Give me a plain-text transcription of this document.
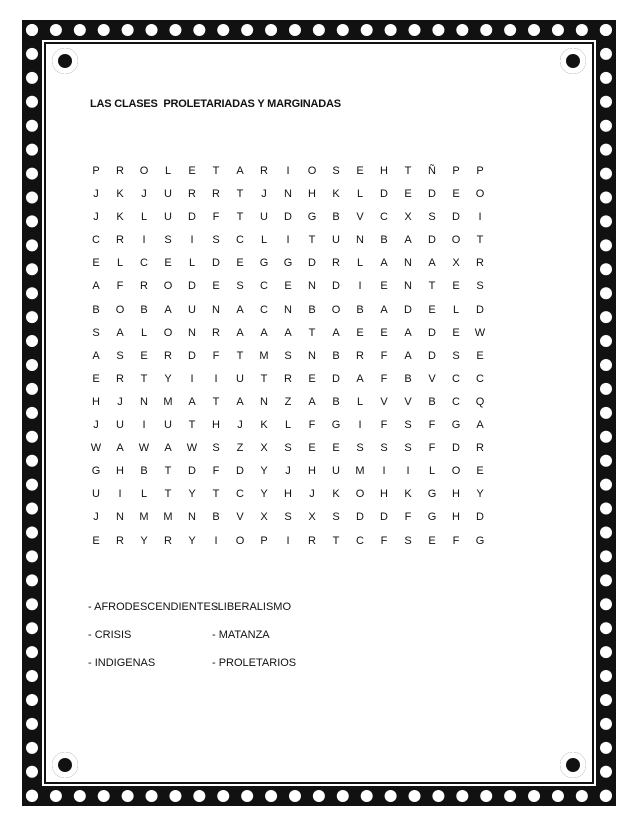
LAS CLASES  PROLETARIADAS Y MARGINADAS
P	R	O	L	E	T	A	R	I	O	S	E	H	T	Ñ	P	P
J	K	J	U	R	R	T	J	N	H	K	L	D	E	D	E	O
J	K	L	U	D	F	T	U	D	G	B	V	C	X	S	D	I
C	R	I	S	I	S	C	L	I	T	U	N	B	A	D	O	T
E	L	C	E	L	D	E	G	G	D	R	L	A	N	A	X	R
A	F	R	O	D	E	S	C	E	N	D	I	E	N	T	E	S
B	O	B	A	U	N	A	C	N	B	O	B	A	D	E	L	D
S	A	L	O	N	R	A	A	A	T	A	E	E	A	D	E	W
A	S	E	R	D	F	T	M	S	N	B	R	F	A	D	S	E
E	R	T	Y	I	I	U	T	R	E	D	A	F	B	V	C	C
H	J	N	M	A	T	A	N	Z	A	B	L	V	V	B	C	Q
J	U	I	U	T	H	J	K	L	F	G	I	F	S	F	G	A
W	A	W	A	W	S	Z	X	S	E	E	S	S	S	F	D	R
G	H	B	T	D	F	D	Y	J	H	U	M	I	I	L	O	E
U	I	L	T	Y	T	C	Y	H	J	K	O	H	K	G	H	Y
J	N	M	M	N	B	V	X	S	X	S	D	D	F	G	H	D
E	R	Y	R	Y	I	O	P	I	R	T	C	F	S	E	F	G
- AFRODESCENDIENTES
- CRISIS
- INDIGENAS
-LIBERALISMO
- MATANZA
- PROLETARIOS
